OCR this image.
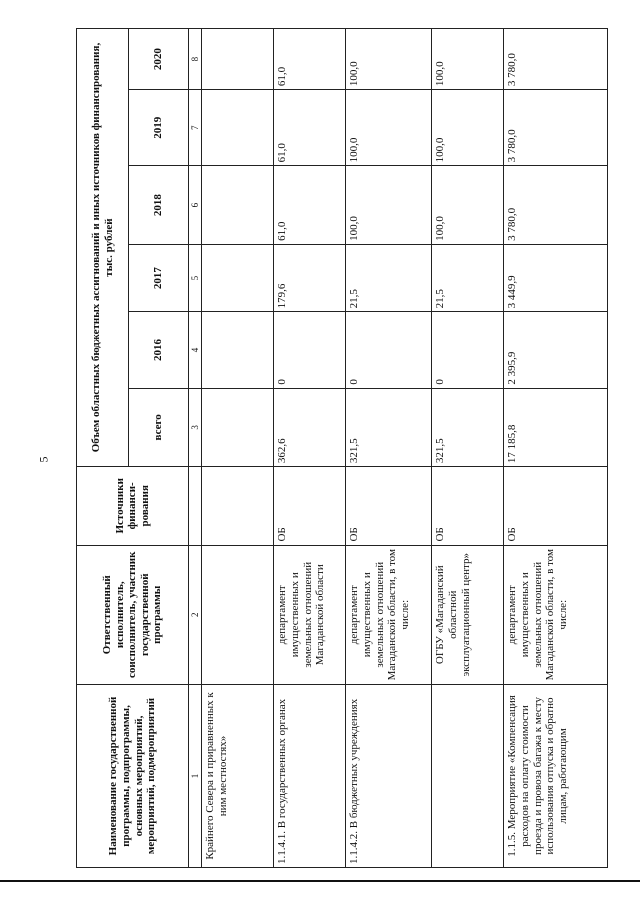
5
Наименование государственной программы, подпрограммы, основных мероприятий, мероприятий, подмероприятий	Ответственный исполнитель, соисполнитель, участник государственной программы	Источники финанси-рования	Объем областных бюджетных ассигнований и иных источников финансирования, тыс. рублей					
			всего	2016	2017	2018	2019	2020
1	2		3	4	5	6	7	8
Крайнего Севера и приравненных к ним местностях»								
1.1.4.1. В государственных органах	департамент имущественных и земельных отношений Магаданской области	ОБ	362,6	0	179,6	61,0	61,0	61,0
1.1.4.2. В бюджетных учреждениях	департамент имущественных и земельных отношений Магаданской области, в том числе:	ОБ	321,5	0	21,5	100,0	100,0	100,0
	ОГБУ «Магаданский областной эксплуатационный центр»	ОБ	321,5	0	21,5	100,0	100,0	100,0
1.1.5. Мероприятие «Компенсация расходов на оплату стоимости проезда и провоза багажа к месту использования отпуска и обратно лицам, работающим	департамент имущественных и земельных отношений Магаданской области, в том числе:	ОБ	17 185,8	2 395,9	3 449,9	3 780,0	3 780,0	3 780,0
